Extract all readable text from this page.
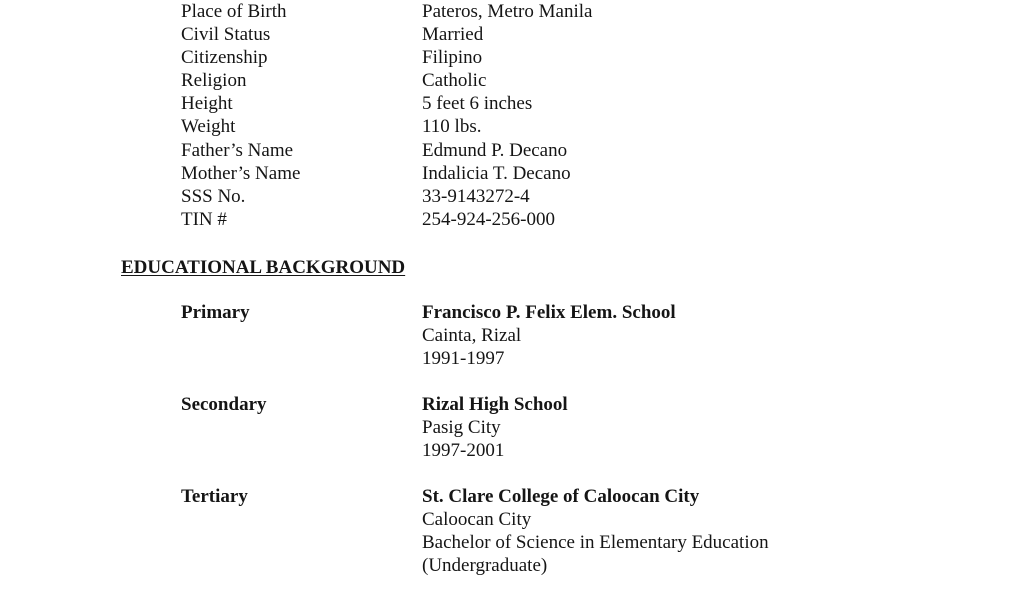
Place of Birth	Pateros, Metro Manila
Civil Status	Married
Citizenship	Filipino
Religion	Catholic
Height	5 feet 6 inches
Weight	110 lbs.
Father’s Name	Edmund P. Decano
Mother’s Name	Indalicia T. Decano
SSS No.	33-9143272-4
TIN #	254-924-256-000
EDUCATIONAL BACKGROUND
Primary	Francisco P. Felix Elem. School
Cainta, Rizal
1991-1997
Secondary	Rizal High School
Pasig City
1997-2001
Tertiary	St. Clare College of Caloocan City
Caloocan City
Bachelor of Science in Elementary Education
(Undergraduate)
